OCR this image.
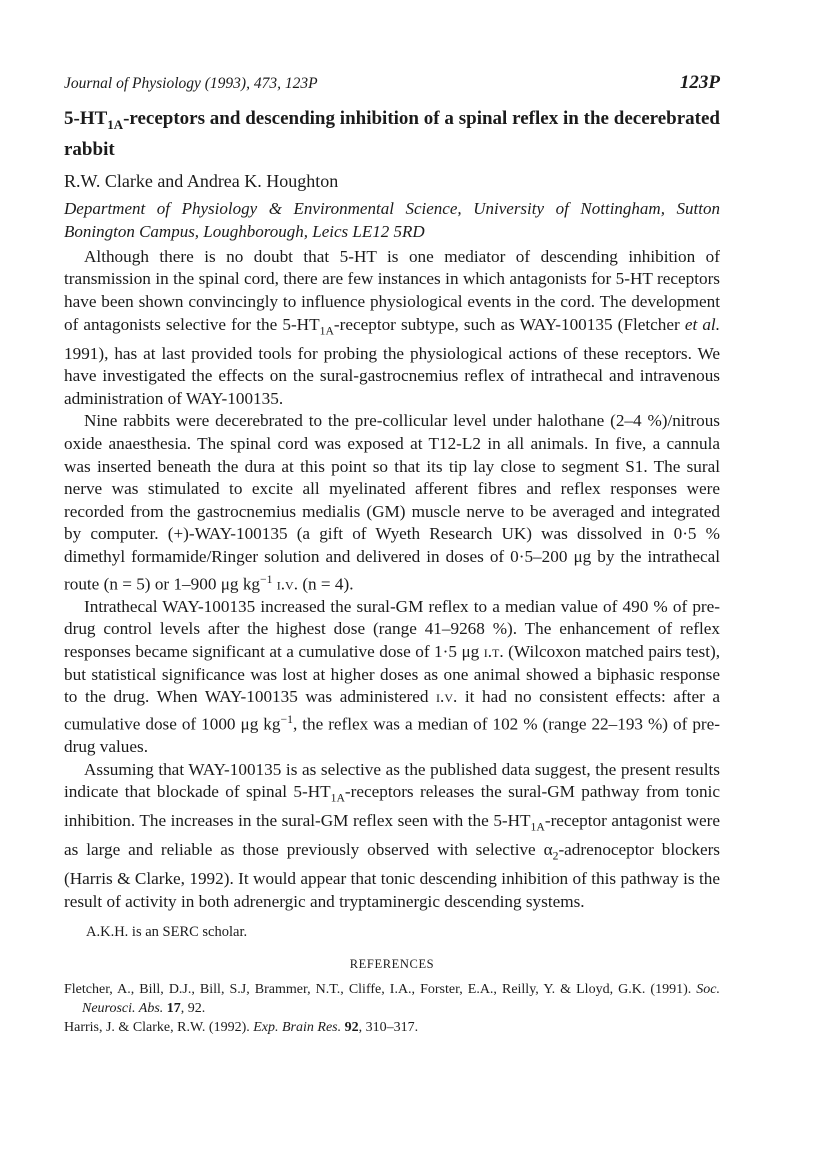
Journal of Physiology (1993), 473, 123P	123P
$5-HT_{1A}$-receptors and descending inhibition of a spinal reflex in the decerebrated rabbit
R.W. Clarke and Andrea K. Houghton
Department of Physiology & Environmental Science, University of Nottingham, Sutton Bonington Campus, Loughborough, Leics LE12 5RD

Although there is no doubt that 5-HT is one mediator of descending inhibition of transmission in the spinal cord, there are few instances in which antagonists for 5-HT receptors have been shown convincingly to influence physiological events in the cord. The development of antagonists selective for the $5-HT_{1A}$-receptor subtype, such as WAY-100135 (Fletcher et al. 1991), has at last provided tools for probing the physiological actions of these receptors. We have investigated the effects on the sural-gastrocnemius reflex of intrathecal and intravenous administration of WAY-100135.

Nine rabbits were decerebrated to the pre-collicular level under halothane (2–4 %)/nitrous oxide anaesthesia. The spinal cord was exposed at T12-L2 in all animals. In five, a cannula was inserted beneath the dura at this point so that its tip lay close to segment S1. The sural nerve was stimulated to excite all myelinated afferent fibres and reflex responses were recorded from the gastrocnemius medialis (GM) muscle nerve to be averaged and integrated by computer. (+)-WAY-100135 (a gift of Wyeth Research UK) was dissolved in 0·5 % dimethyl formamide/Ringer solution and delivered in doses of 0·5–200 μg by the intrathecal route (n = 5) or 1–900 μg $kg^{-1}$ i.v. (n = 4).

Intrathecal WAY-100135 increased the sural-GM reflex to a median value of 490 % of pre-drug control levels after the highest dose (range 41–9268 %). The enhancement of reflex responses became significant at a cumulative dose of 1·5 μg i.t. (Wilcoxon matched pairs test), but statistical significance was lost at higher doses as one animal showed a biphasic response to the drug. When WAY-100135 was administered i.v. it had no consistent effects: after a cumulative dose of 1000 μg $kg^{-1}$, the reflex was a median of 102 % (range 22–193 %) of pre-drug values.

Assuming that WAY-100135 is as selective as the published data suggest, the present results indicate that blockade of spinal $5-HT_{1A}$-receptors releases the sural-GM pathway from tonic inhibition. The increases in the sural-GM reflex seen with the $5-HT_{1A}$-receptor antagonist were as large and reliable as those previously observed with selective $\alpha_2$-adrenoceptor blockers (Harris & Clarke, 1992). It would appear that tonic descending inhibition of this pathway is the result of activity in both adrenergic and tryptaminergic descending systems.

A.K.H. is an SERC scholar.
REFERENCES
Fletcher, A., Bill, D.J., Bill, S.J, Brammer, N.T., Cliffe, I.A., Forster, E.A., Reilly, Y. & Lloyd, G.K. (1991). Soc. Neurosci. Abs. 17, 92.
Harris, J. & Clarke, R.W. (1992). Exp. Brain Res. 92, 310–317.
